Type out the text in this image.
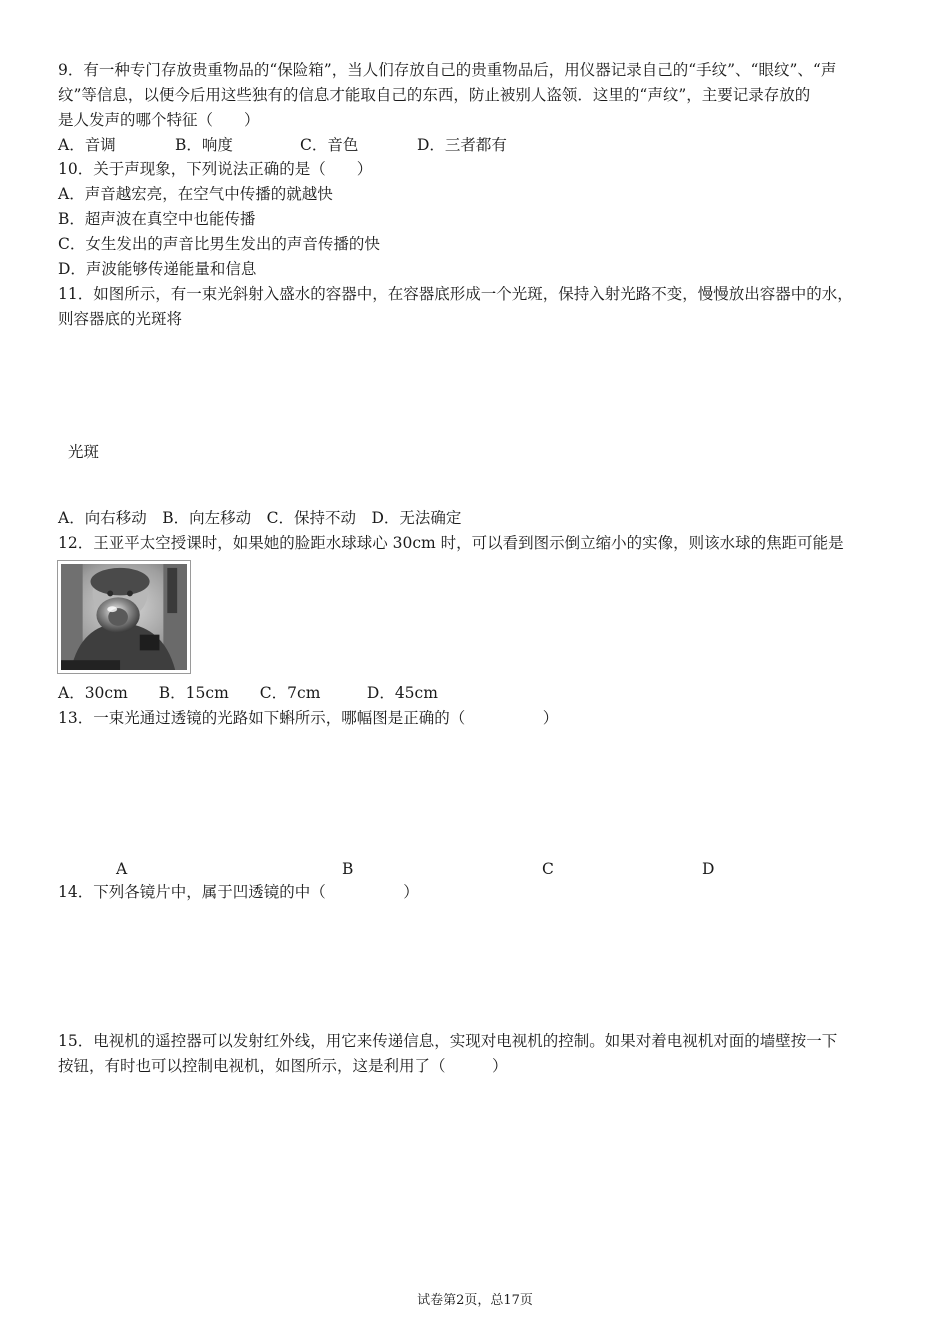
9．有一种专门存放贵重物品的“保险箱”，当人们存放自己的贵重物品后，用仪器记录自己的“手纹”、“眼纹”、“声
纹”等信息，以便今后用这些独有的信息才能取自己的东西，防止被别人盗领．这里的“声纹”，主要记录存放的
是人发声的哪个特征（　　）
A．音调	B．响度	C．音色	D．三者都有
10．关于声现象，下列说法正确的是（　　）
A．声音越宏亮，在空气中传播的就越快
B．超声波在真空中也能传播
C．女生发出的声音比男生发出的声音传播的快
D．声波能够传递能量和信息
11．如图所示，有一束光斜射入盛水的容器中，在容器底形成一个光斑，保持入射光路不变，慢慢放出容器中的水，
则容器底的光斑将
光斑
A．向右移动　B．向左移动　C．保持不动　D．无法确定
12．王亚平太空授课时，如果她的脸距水球球心 30cm 时，可以看到图示倒立缩小的实像，则该水球的焦距可能是
A．30cm　　B．15cm　　C．7cm　　　D．45cm
13．一束光通过透镜的光路如下蝌所示，哪幅图是正确的（　　　　　）
A	B	C	D
14．下列各镜片中，属于凹透镜的中（　　　　　）
15．电视机的遥控器可以发射红外线，用它来传递信息，实现对电视机的控制。如果对着电视机对面的墙壁按一下
按钮，有时也可以控制电视机，如图所示，这是利用了（　　　）
试卷第2页，总17页
